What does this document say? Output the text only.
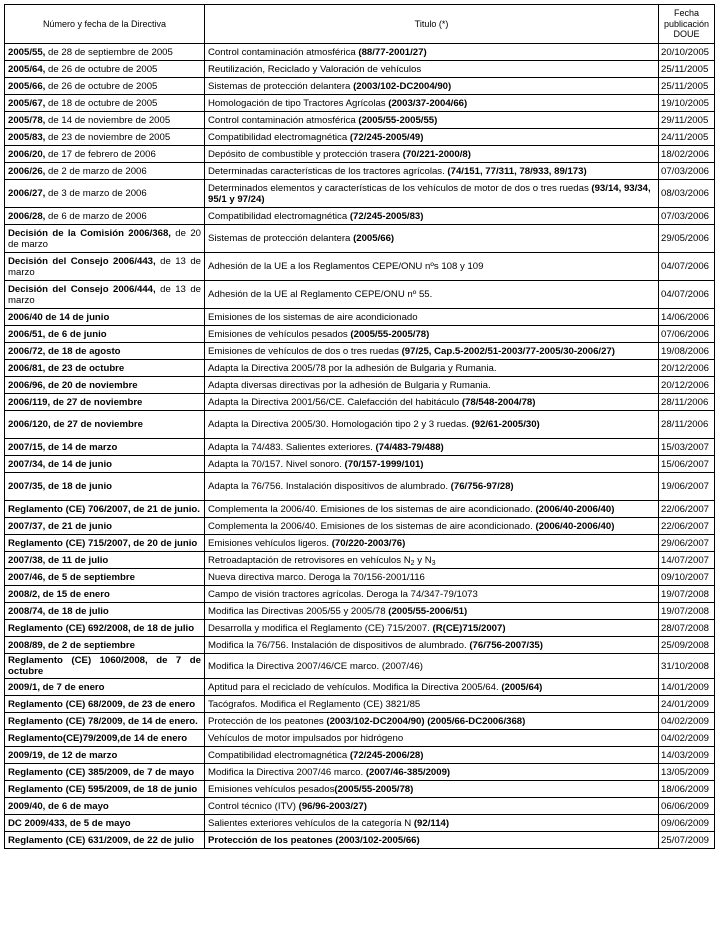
Número y fecha de la Directiva	Titulo (*)	Fecha publicación DOUE
2005/55, de 28 de septiembre de 2005	Control contaminación atmosférica (88/77-2001/27)	20/10/2005
2005/64, de 26 de octubre de 2005	Reutilización, Reciclado y Valoración de vehículos	25/11/2005
2005/66, de 26 de octubre de 2005	Sistemas de protección delantera (2003/102-DC2004/90)	25/11/2005
2005/67, de 18 de octubre de 2005	Homologación de tipo Tractores Agrícolas (2003/37-2004/66)	19/10/2005
2005/78, de 14 de noviembre de 2005	Control contaminación atmosférica (2005/55-2005/55)	29/11/2005
2005/83, de 23 de noviembre de 2005	Compatibilidad electromagnética (72/245-2005/49)	24/11/2005
2006/20, de 17 de febrero de 2006	Depósito de combustible y protección trasera (70/221-2000/8)	18/02/2006
2006/26, de 2 de marzo de 2006	Determinadas características de los tractores agrícolas. (74/151, 77/311, 78/933, 89/173)	07/03/2006
2006/27, de 3 de marzo de 2006	Determinados elementos y características de los vehículos de motor de dos o tres ruedas (93/14, 93/34, 95/1 y 97/24)	08/03/2006
2006/28, de 6 de marzo de 2006	Compatibilidad electromagnética (72/245-2005/83)	07/03/2006
Decisión de la Comisión 2006/368, de 20 de marzo	Sistemas de protección delantera (2005/66)	29/05/2006
Decisión del Consejo 2006/443, de 13 de marzo	Adhesión de la UE a los Reglamentos CEPE/ONU nºs 108 y 109	04/07/2006
Decisión del Consejo 2006/444, de 13 de marzo	Adhesión de la UE al Reglamento CEPE/ONU nº 55.	04/07/2006
2006/40 de 14 de junio	Emisiones de los sistemas de aire acondicionado	14/06/2006
2006/51, de 6 de junio	Emisiones de vehículos pesados (2005/55-2005/78)	07/06/2006
2006/72, de 18 de agosto	Emisiones de vehículos de dos o tres ruedas (97/25, Cap.5-2002/51-2003/77-2005/30-2006/27)	19/08/2006
2006/81, de 23 de octubre	Adapta la Directiva 2005/78 por la adhesión de Bulgaria y Rumania.	20/12/2006
2006/96, de 20 de noviembre	Adapta diversas directivas por la adhesión de Bulgaria y Rumania.	20/12/2006
2006/119, de 27 de noviembre	Adapta la Directiva 2001/56/CE. Calefacción del habitáculo (78/548-2004/78)	28/11/2006
2006/120, de 27 de noviembre	Adapta la Directiva 2005/30. Homologación tipo 2 y 3 ruedas. (92/61-2005/30)	28/11/2006
2007/15, de 14 de marzo	Adapta la 74/483. Salientes exteriores. (74/483-79/488)	15/03/2007
2007/34, de 14 de junio	Adapta la 70/157. Nivel sonoro. (70/157-1999/101)	15/06/2007
2007/35, de 18 de junio	Adapta la 76/756. Instalación dispositivos de alumbrado. (76/756-97/28)	19/06/2007
Reglamento (CE) 706/2007, de 21 de junio.	Complementa la 2006/40. Emisiones de los sistemas de aire acondicionado. (2006/40-2006/40)	22/06/2007
2007/37, de 21 de junio	Complementa la 2006/40. Emisiones de los sistemas de aire acondicionado. (2006/40-2006/40)	22/06/2007
Reglamento (CE) 715/2007, de 20 de junio	Emisiones vehículos ligeros. (70/220-2003/76)	29/06/2007
2007/38, de 11 de julio	Retroadaptación de retrovisores en vehículos $N_2$ y $N_3$	14/07/2007
2007/46, de 5 de septiembre	Nueva directiva marco. Deroga la 70/156-2001/116	09/10/2007
2008/2, de 15 de enero	Campo de visión tractores agrícolas. Deroga la 74/347-79/1073	19/07/2008
2008/74, de 18 de julio	Modifica las Directivas 2005/55 y 2005/78 (2005/55-2006/51)	19/07/2008
Reglamento (CE) 692/2008, de 18 de julio	Desarrolla y modifica el Reglamento (CE) 715/2007. (R(CE)715/2007)	28/07/2008
2008/89, de 2 de septiembre	Modifica la 76/756. Instalación de dispositivos de alumbrado. (76/756-2007/35)	25/09/2008
Reglamento (CE) 1060/2008, de 7 de octubre	Modifica la Directiva 2007/46/CE marco. (2007/46)	31/10/2008
2009/1, de 7 de enero	Aptitud para el reciclado de vehículos. Modifica la Directiva 2005/64. (2005/64)	14/01/2009
Reglamento (CE) 68/2009, de 23 de enero	Tacógrafos. Modifica el Reglamento (CE) 3821/85	24/01/2009
Reglamento (CE) 78/2009, de 14 de enero.	Protección de los peatones (2003/102-DC2004/90) (2005/66-DC2006/368)	04/02/2009
Reglamento(CE)79/2009,de 14 de enero	Vehículos de motor impulsados por hidrógeno	04/02/2009
2009/19, de 12 de marzo	Compatibilidad electromagnética (72/245-2006/28)	14/03/2009
Reglamento (CE) 385/2009, de 7 de mayo	Modifica la Directiva 2007/46 marco. (2007/46-385/2009)	13/05/2009
Reglamento (CE) 595/2009, de 18 de junio	Emisiones vehículos pesados(2005/55-2005/78)	18/06/2009
2009/40, de 6 de mayo	Control técnico (ITV) (96/96-2003/27)	06/06/2009
DC 2009/433, de 5 de mayo	Salientes exteriores vehículos de la categoría N (92/114)	09/06/2009
Reglamento (CE) 631/2009, de 22 de julio	Protección de los peatones (2003/102-2005/66)	25/07/2009
